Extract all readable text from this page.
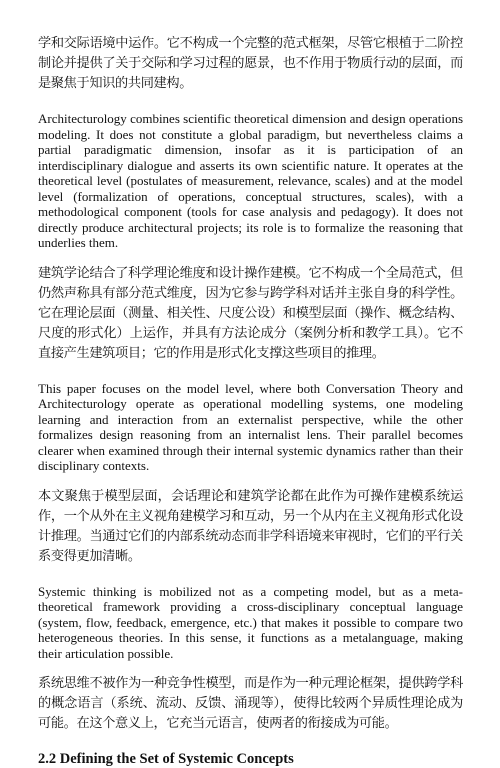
学和交际语境中运作。它不构成一个完整的范式框架，尽管它根植于二阶控制论并提供了关于交际和学习过程的愿景，也不作用于物质行动的层面，而是聚焦于知识的共同建构。

Architecturology combines scientific theoretical dimension and design operations modeling. It does not constitute a global paradigm, but nevertheless claims a partial paradigmatic dimension, insofar as it is participation of an interdisciplinary dialogue and asserts its own scientific nature. It operates at the theoretical level (postulates of measurement, relevance, scales) and at the model level (formalization of operations, conceptual structures, scales), with a methodological component (tools for case analysis and pedagogy). It does not directly produce architectural projects; its role is to formalize the reasoning that underlies them.

建筑学论结合了科学理论维度和设计操作建模。它不构成一个全局范式，但仍然声称具有部分范式维度，因为它参与跨学科对话并主张自身的科学性。它在理论层面（测量、相关性、尺度公设）和模型层面（操作、概念结构、尺度的形式化）上运作，并具有方法论成分（案例分析和教学工具）。它不直接产生建筑项目；它的作用是形式化支撑这些项目的推理。

This paper focuses on the model level, where both Conversation Theory and Architecturology operate as operational modelling systems, one modeling learning and interaction from an externalist perspective, while the other formalizes design reasoning from an internalist lens. Their parallel becomes clearer when examined through their internal systemic dynamics rather than their disciplinary contexts.

本文聚焦于模型层面，会话理论和建筑学论都在此作为可操作建模系统运作，一个从外在主义视角建模学习和互动，另一个从内在主义视角形式化设计推理。当通过它们的内部系统动态而非学科语境来审视时，它们的平行关系变得更加清晰。

Systemic thinking is mobilized not as a competing model, but as a meta-theoretical framework providing a cross-disciplinary conceptual language (system, flow, feedback, emergence, etc.) that makes it possible to compare two heterogeneous theories. In this sense, it functions as a metalanguage, making their articulation possible.

系统思维不被作为一种竞争性模型，而是作为一种元理论框架，提供跨学科的概念语言（系统、流动、反馈、涌现等），使得比较两个异质性理论成为可能。在这个意义上，它充当元语言，使两者的衔接成为可能。

2.2 Defining the Set of Systemic Concepts
